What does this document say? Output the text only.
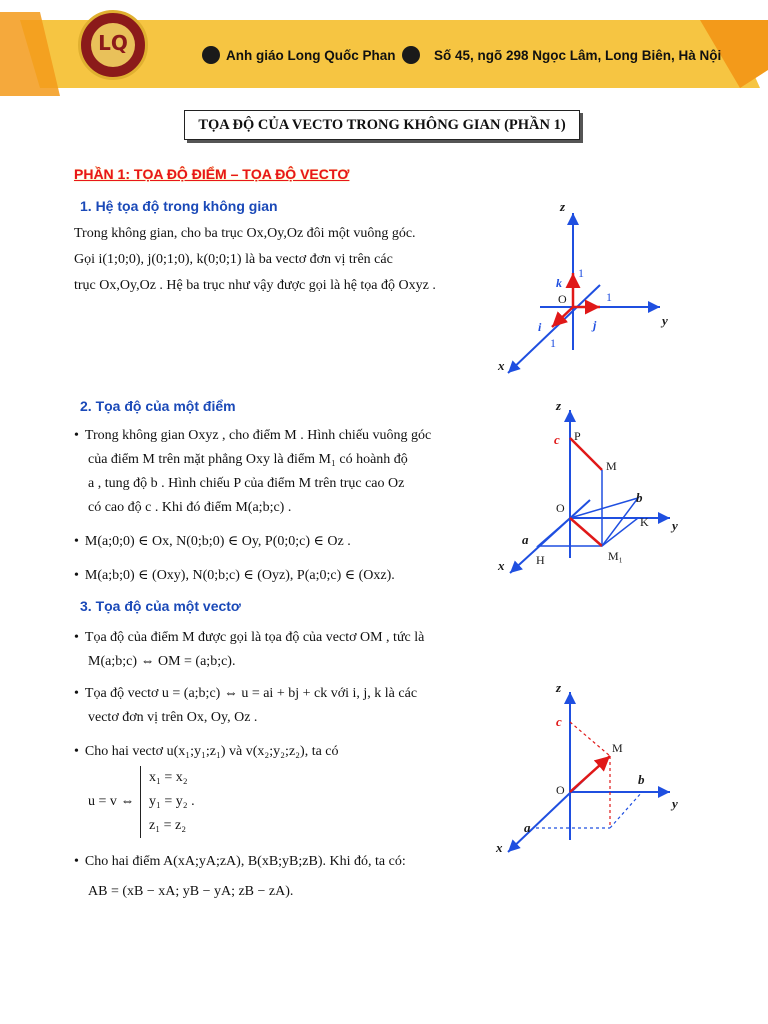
LQ	Anh giáo Long Quốc Phan	Số 45, ngõ 298 Ngọc Lâm, Long Biên, Hà Nội
TỌA ĐỘ CỦA VECTO TRONG KHÔNG GIAN (PHẦN 1)
PHẦN 1: TỌA ĐỘ ĐIỂM – TỌA ĐỘ VECTƠ
1. Hệ tọa độ trong không gian
Trong không gian, cho ba trục Ox,Oy,Oz đôi một vuông góc.
Gọi i(1;0;0), j(0;1;0), k(0;0;1) là ba vectơ đơn vị trên các
trục Ox,Oy,Oz . Hệ ba trục như vậy được gọi là hệ tọa độ Oxyz .
z
y
x
O
k
i	j
1
1
1
2. Tọa độ của một điểm
• Trong không gian Oxyz , cho điểm M . Hình chiếu vuông góc
của điểm M trên mặt phẳng Oxy là điểm M₁ có hoành độ
a , tung độ b . Hình chiếu P của điểm M trên trục cao Oz
có cao độ c . Khi đó điểm M(a;b;c) .
• M(a;0;0) ∈ Ox, N(0;b;0) ∈ Oy, P(0;0;c) ∈ Oz .
• M(a;b;0) ∈ (Oxy), N(0;b;c) ∈ (Oyz), P(a;0;c) ∈ (Oxz).
z
y
x
O
c P
M
b
K
a
H	M₁
3. Tọa độ của một vectơ
• Tọa độ của điểm M được gọi là tọa độ của vectơ OM , tức là
M(a;b;c) ⇔ OM = (a;b;c).
• Tọa độ vectơ u = (a;b;c) ⇔ u = ai + bj + ck với i, j, k là các
vectơ đơn vị trên Ox, Oy, Oz .
• Cho hai vectơ u(x₁;y₁;z₁) và v(x₂;y₂;z₂), ta có
u = v ⇔
x₁ = x₂
y₁ = y₂ .
z₁ = z₂
• Cho hai điểm A(xA;yA;zA), B(xB;yB;zB). Khi đó, ta có:
AB = (xB − xA; yB − yA; zB − zA).
z
y
x
O
c
M
b
a
